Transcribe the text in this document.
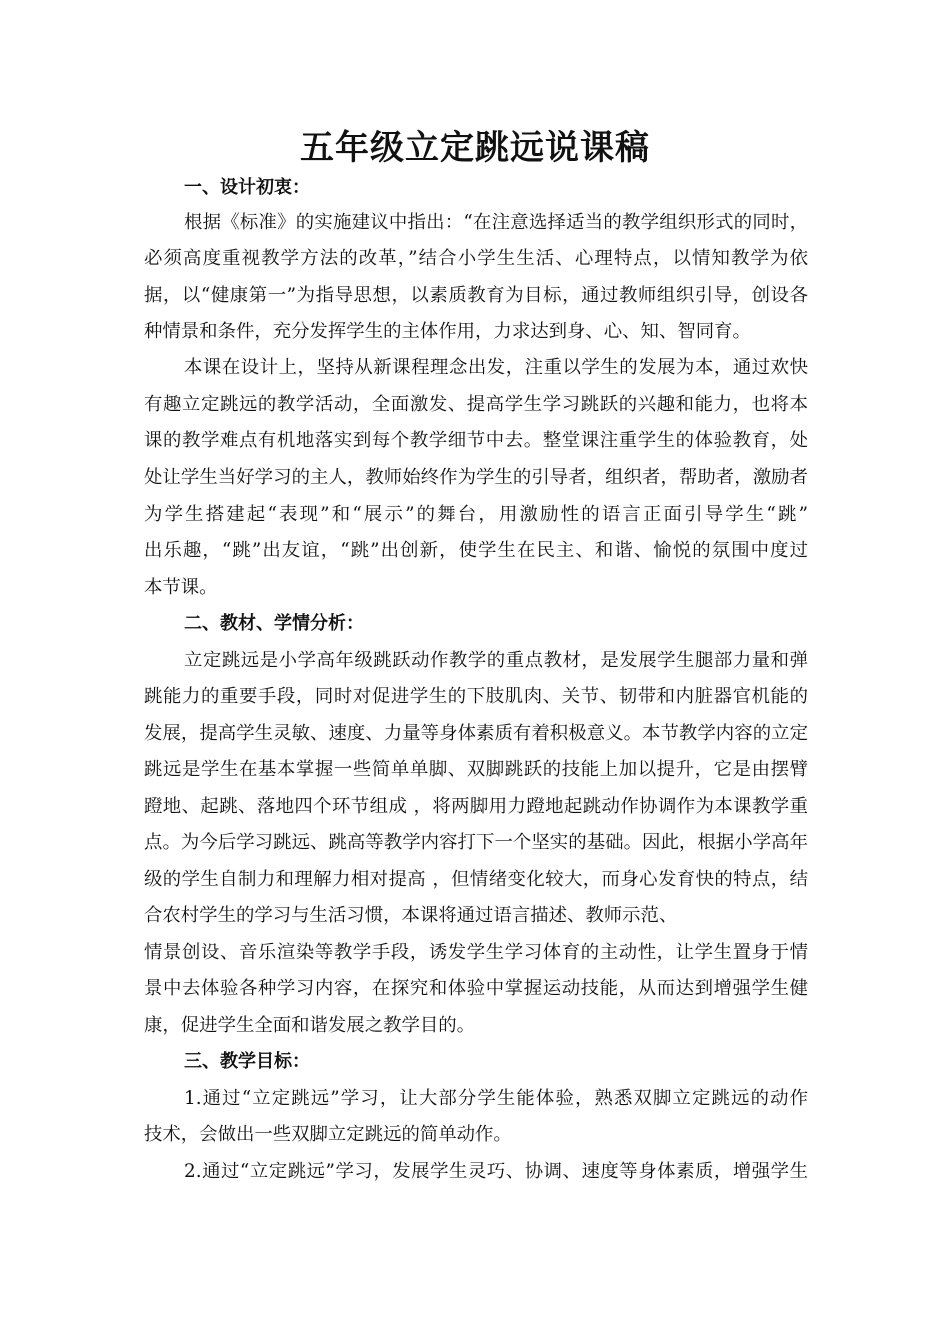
五年级立定跳远说课稿
一、设计初衷：
根据《标准》的实施建议中指出：“在注意选择适当的教学组织形式的同时，
必须高度重视教学方法的改革，”结合小学生生活、心理特点，以情知教学为依
据，以“健康第一”为指导思想，以素质教育为目标，通过教师组织引导，创设各
种情景和条件，充分发挥学生的主体作用，力求达到身、心、知、智同育。
本课在设计上，坚持从新课程理念出发，注重以学生的发展为本，通过欢快
有趣立定跳远的教学活动，全面激发、提高学生学习跳跃的兴趣和能力，也将本
课的教学难点有机地落实到每个教学细节中去。整堂课注重学生的体验教育，处
处让学生当好学习的主人，教师始终作为学生的引导者，组织者，帮助者，激励者
为学生搭建起“表现”和“展示”的舞台，用激励性的语言正面引导学生“跳”
出乐趣，“跳”出友谊，“跳”出创新，使学生在民主、和谐、愉悦的氛围中度过
本节课。
二、教材、学情分析：
立定跳远是小学高年级跳跃动作教学的重点教材，是发展学生腿部力量和弹
跳能力的重要手段，同时对促进学生的下肢肌肉、关节、韧带和内脏器官机能的
发展，提高学生灵敏、速度、力量等身体素质有着积极意义。本节教学内容的立定
跳远是学生在基本掌握一些简单单脚、双脚跳跃的技能上加以提升，它是由摆臂
蹬地、起跳、落地四个环节组成 ，将两脚用力蹬地起跳动作协调作为本课教学重
点。为今后学习跳远、跳高等教学内容打下一个坚实的基础。因此，根据小学高年
级的学生自制力和理解力相对提高 ，但情绪变化较大，而身心发育快的特点，结
合农村学生的学习与生活习惯，本课将通过语言描述、教师示范、
情景创设、音乐渲染等教学手段，诱发学生学习体育的主动性，让学生置身于情
景中去体验各种学习内容，在探究和体验中掌握运动技能，从而达到增强学生健
康，促进学生全面和谐发展之教学目的。
三、教学目标：
1.通过“立定跳远”学习，让大部分学生能体验，熟悉双脚立定跳远的动作
技术，会做出一些双脚立定跳远的简单动作。
2.通过“立定跳远”学习，发展学生灵巧、协调、速度等身体素质，增强学生
